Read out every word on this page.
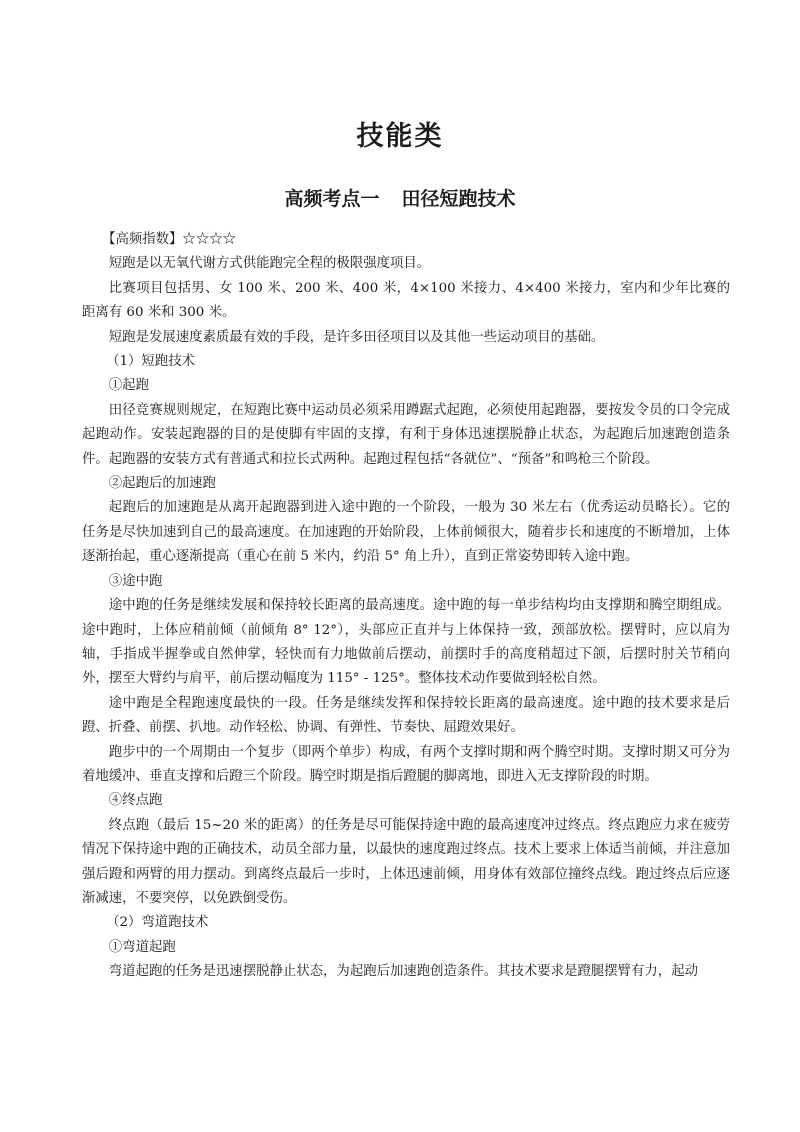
技能类
高频考点一 田径短跑技术

【高频指数】☆☆☆☆

短跑是以无氧代谢方式供能跑完全程的极限强度项目。

比赛项目包括男、女 100 米、200 米、400 米，4×100 米接力、4×400 米接力，室内和少年比赛的距离有 60 米和 300 米。

短跑是发展速度素质最有效的手段，是许多田径项目以及其他一些运动项目的基础。

（1）短跑技术

①起跑

田径竞赛规则规定，在短跑比赛中运动员必须采用蹲踞式起跑，必须使用起跑器，要按发令员的口令完成起跑动作。安装起跑器的目的是使脚有牢固的支撑，有利于身体迅速摆脱静止状态，为起跑后加速跑创造条件。起跑器的安装方式有普通式和拉长式两种。起跑过程包括“各就位”、“预备”和鸣枪三个阶段。

②起跑后的加速跑

起跑后的加速跑是从离开起跑器到进入途中跑的一个阶段，一般为 30 米左右（优秀运动员略长）。它的任务是尽快加速到自己的最高速度。在加速跑的开始阶段，上体前倾很大，随着步长和速度的不断增加，上体逐渐抬起，重心逐渐提高（重心在前 5 米内，约沿 5° 角上升），直到正常姿势即转入途中跑。

③途中跑

途中跑的任务是继续发展和保持较长距离的最高速度。途中跑的每一单步结构均由支撑期和腾空期组成。途中跑时，上体应稍前倾（前倾角 8° 12°），头部应正直并与上体保持一致，颈部放松。摆臂时，应以肩为轴，手指成半握拳或自然伸掌，轻快而有力地做前后摆动，前摆时手的高度稍超过下颌，后摆时肘关节稍向外，摆至大臂约与肩平，前后摆动幅度为 115° - 125°。整体技术动作要做到轻松自然。

途中跑是全程跑速度最快的一段。任务是继续发挥和保持较长距离的最高速度。途中跑的技术要求是后蹬、折叠、前摆、扒地。动作轻松、协调、有弹性、节奏快、屈蹬效果好。

跑步中的一个周期由一个复步（即两个单步）构成，有两个支撑时期和两个腾空时期。支撑时期又可分为着地缓冲、垂直支撑和后蹬三个阶段。腾空时期是指后蹬腿的脚离地，即进入无支撑阶段的时期。

④终点跑

终点跑（最后 15~20 米的距离）的任务是尽可能保持途中跑的最高速度冲过终点。终点跑应力求在疲劳情况下保持途中跑的正确技术，动员全部力量，以最快的速度跑过终点。技术上要求上体适当前倾，并注意加强后蹬和两臂的用力摆动。到离终点最后一步时，上体迅速前倾，用身体有效部位撞终点线。跑过终点后应逐渐减速，不要突停，以免跌倒受伤。

（2）弯道跑技术

①弯道起跑

弯道起跑的任务是迅速摆脱静止状态，为起跑后加速跑创造条件。其技术要求是蹬腿摆臂有力，起动
